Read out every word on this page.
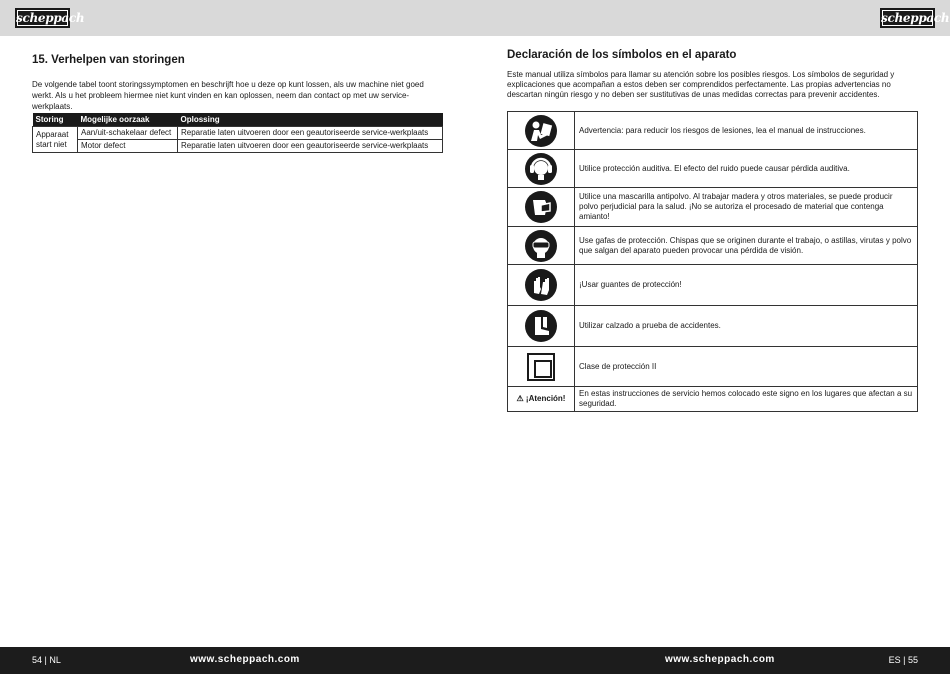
scheppach	scheppach
15. Verhelpen van storingen
De volgende tabel toont storingssymptomen en beschrijft hoe u deze op kunt lossen, als uw machine niet goed werkt. Als u het probleem hiermee niet kunt vinden en kan oplossen, neem dan contact op met uw service-werkplaats.
Storing	Mogelijke oorzaak	Oplossing
Apparaat start niet	Aan/uit-schakelaar defect	Reparatie laten uitvoeren door een geautoriseerde service-werkplaats
	Motor defect	Reparatie laten uitvoeren door een geautoriseerde service-werkplaats
Declaración de los símbolos en el aparato
Este manual utiliza símbolos para llamar su atención sobre los posibles riesgos. Los símbolos de seguridad y explicaciones que acompañan a estos deben ser comprendidos perfectamente. Las propias advertencias no descartan ningún riesgo y no deben ser sustitutivas de unas medidas correctas para prevenir accidentes.
	Advertencia: para reducir los riesgos de lesiones, lea el manual de instrucciones.

	Utilice protección auditiva. El efecto del ruido puede causar pérdida auditiva.

	Utilice una mascarilla antipolvo. Al trabajar madera y otros materiales, se puede producir polvo perjudicial para la salud. ¡No se autoriza el procesado de material que contenga amianto!

	Use gafas de protección. Chispas que se originen durante el trabajo, o astillas, virutas y polvo que salgan del aparato pueden provocar una pérdida de visión.

	¡Usar guantes de protección!

	Utilizar calzado a prueba de accidentes.
	Clase de protección II
⚠ ¡Atención!	En estas instrucciones de servicio hemos colocado este signo en los lugares que afectan a su seguridad.
54 | NL	www.scheppach.com	www.scheppach.com	ES | 55
